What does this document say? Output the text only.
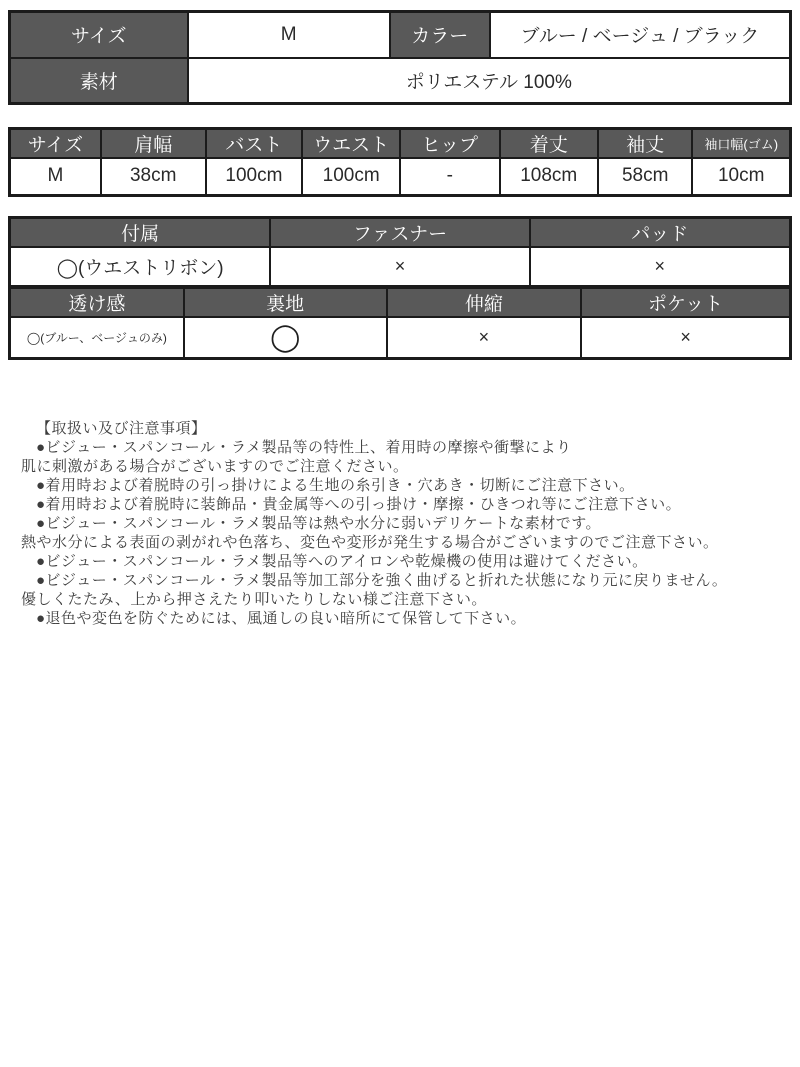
サイズ	M	カラー	ブルー / ベージュ / ブラック
素材	ポリエステル 100%		
サイズ	肩幅	バスト	ウエスト	ヒップ	着丈	袖丈	袖口幅(ゴム)
M	38cm	100cm	100cm	-	108cm	58cm	10cm
付属	ファスナー	パッド
◯(ウエストリボン)	×	×
透け感	裏地	伸縮	ポケット
◯(ブルー、ベージュのみ)	◯	×	×
【取扱い及び注意事項】
●ビジュー・スパンコール・ラメ製品等の特性上、着用時の摩擦や衝撃により
肌に刺激がある場合がございますのでご注意ください。
●着用時および着脱時の引っ掛けによる生地の糸引き・穴あき・切断にご注意下さい。
●着用時および着脱時に装飾品・貴金属等への引っ掛け・摩擦・ひきつれ等にご注意下さい。
●ビジュー・スパンコール・ラメ製品等は熱や水分に弱いデリケートな素材です。
熱や水分による表面の剥がれや色落ち、変色や変形が発生する場合がございますのでご注意下さい。
●ビジュー・スパンコール・ラメ製品等へのアイロンや乾燥機の使用は避けてください。
●ビジュー・スパンコール・ラメ製品等加工部分を強く曲げると折れた状態になり元に戻りません。
優しくたたみ、上から押さえたり叩いたりしない様ご注意下さい。
●退色や変色を防ぐためには、風通しの良い暗所にて保管して下さい。
